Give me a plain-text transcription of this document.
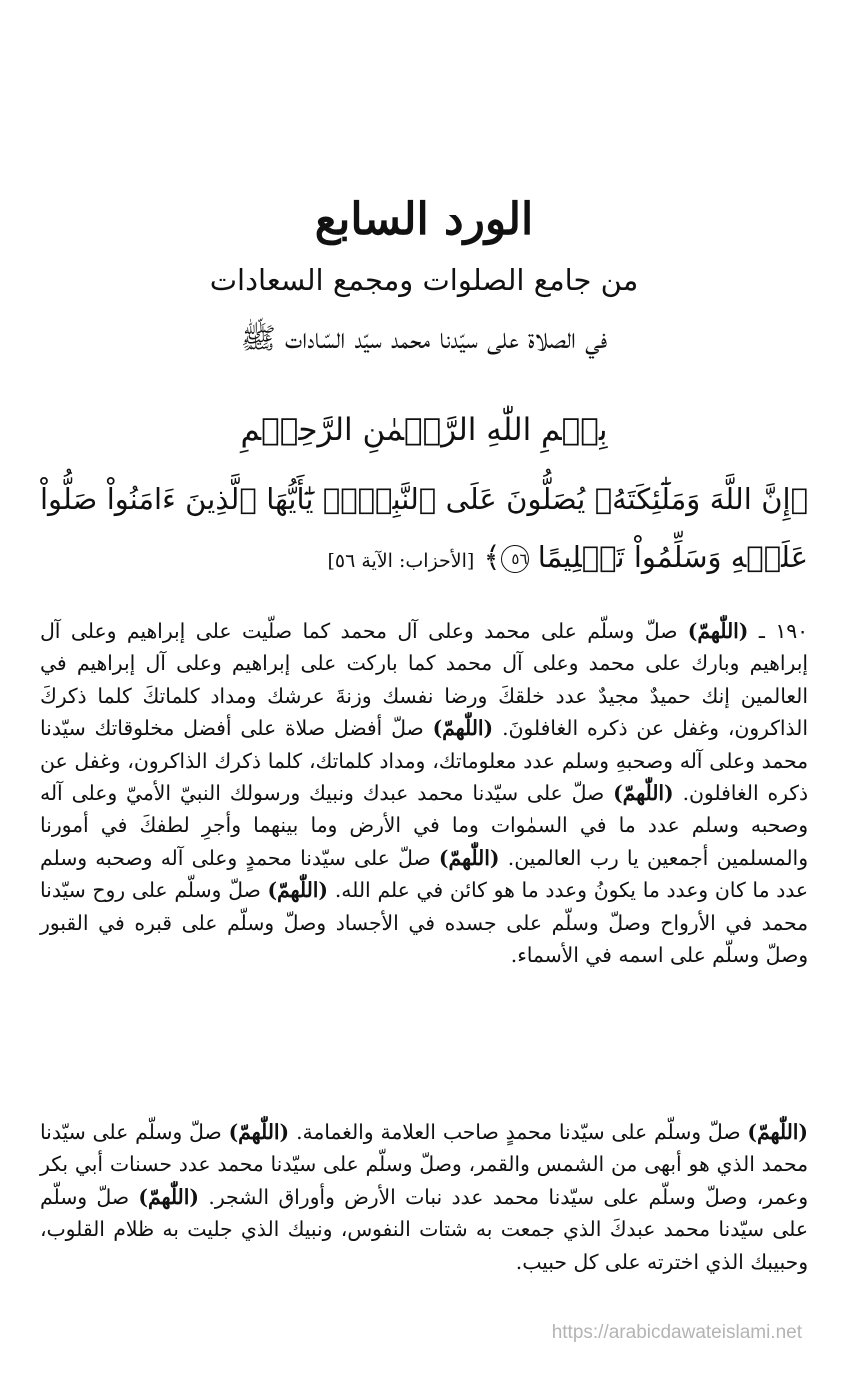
الورد السابع
من جامع الصلوات ومجمع السعادات
في الصلاة على سيّدنا محمد سيّد السّادات ﷺ
بِسۡمِ اللّٰهِ الرَّحۡمٰنِ الرَّحِيۡمِ
﴿إِنَّ اللَّهَ وَمَلَٰٓئِكَتَهُۥ يُصَلُّونَ عَلَى ٱلنَّبِيِّۚ يَٰٓأَيُّهَا ٱلَّذِينَ ءَامَنُواْ صَلُّواْ عَلَيۡهِ وَسَلِّمُواْ تَسۡلِيمًا ٥٦﴾ [الأحزاب: الآية ٥٦]
١٩٠ ـ (اللّٰهمّ) صلّ وسلّم على محمد وعلى آل محمد كما صلّيت على إبراهيم وعلى آل إبراهيم وبارك على محمد وعلى آل محمد كما باركت على إبراهيم وعلى آل إبراهيم في العالمين إنك حميدٌ مجيدٌ عدد خلقكَ ورضا نفسك وزنةَ عرشك ومداد كلماتكَ كلما ذكركَ الذاكرون، وغفل عن ذكره الغافلونَ. (اللّٰهمّ) صلّ أفضل صلاة على أفضل مخلوقاتك سيّدنا محمد وعلى آله وصحبهِ وسلم عدد معلوماتك، ومداد كلماتك، كلما ذكرك الذاكرون، وغفل عن ذكره الغافلون. (اللّٰهمّ) صلّ على سيّدنا محمد عبدك ونبيك ورسولك النبيّ الأميّ وعلى آله وصحبه وسلم عدد ما في السمٰوات وما في الأرض وما بينهما وأجرِ لطفكَ في أمورنا والمسلمين أجمعين يا رب العالمين. (اللّٰهمّ) صلّ على سيّدنا محمدٍ وعلى آله وصحبه وسلم عدد ما كان وعدد ما يكونُ وعدد ما هو كائن في علم الله. (اللّٰهمّ) صلّ وسلّم على روح سيّدنا محمد في الأرواح وصلّ وسلّم على جسده في الأجساد وصلّ وسلّم على قبره في القبور وصلّ وسلّم على اسمه في الأسماء.
(اللّٰهمّ) صلّ وسلّم على سيّدنا محمدٍ صاحب العلامة والغمامة. (اللّٰهمّ) صلّ وسلّم على سيّدنا محمد الذي هو أبهى من الشمس والقمر، وصلّ وسلّم على سيّدنا محمد عدد حسنات أبي بكر وعمر، وصلّ وسلّم على سيّدنا محمد عدد نبات الأرض وأوراق الشجر. (اللّٰهمّ) صلّ وسلّم على سيّدنا محمد عبدكَ الذي جمعت به شتات النفوس، ونبيك الذي جليت به ظلام القلوب، وحبيبك الذي اخترته على كل حبيب.
https://arabicdawateislami.net
